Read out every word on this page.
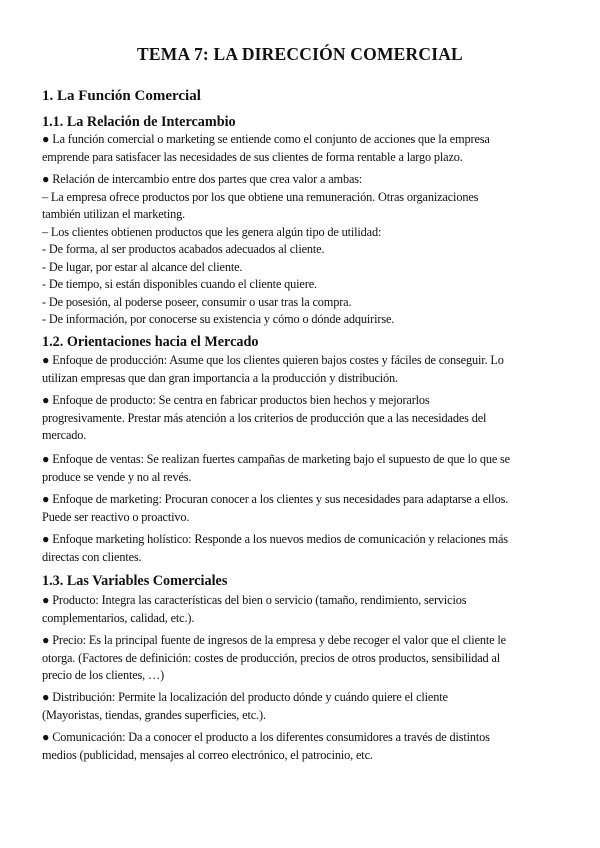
TEMA 7: LA DIRECCIÓN COMERCIAL
1. La Función Comercial
1.1. La Relación de Intercambio
● La función comercial o marketing se entiende como el conjunto de acciones que la empresa
emprende para satisfacer las necesidades de sus clientes de forma rentable a largo plazo.
● Relación de intercambio entre dos partes que crea valor a ambas:
– La empresa ofrece productos por los que obtiene una remuneración. Otras organizaciones
también utilizan el marketing.
– Los clientes obtienen productos que les genera algún tipo de utilidad:
- De forma, al ser productos acabados adecuados al cliente.
- De lugar, por estar al alcance del cliente.
- De tiempo, si están disponibles cuando el cliente quiere.
- De posesión, al poderse poseer, consumir o usar tras la compra.
- De información, por conocerse su existencia y cómo o dónde adquirirse.
1.2. Orientaciones hacia el Mercado
● Enfoque de producción: Asume que los clientes quieren bajos costes y fáciles de conseguir. Lo
utilizan empresas que dan gran importancia a la producción y distribución.
● Enfoque de producto: Se centra en fabricar productos bien hechos y mejorarlos
progresivamente. Prestar más atención a los criterios de producción que a las necesidades del
mercado.
● Enfoque de ventas: Se realizan fuertes campañas de marketing bajo el supuesto de que lo que se
produce se vende y no al revés.
● Enfoque de marketing: Procuran conocer a los clientes y sus necesidades para adaptarse a ellos.
Puede ser reactivo o proactivo.
● Enfoque marketing holístico: Responde a los nuevos medios de comunicación y relaciones más
directas con clientes.
1.3. Las Variables Comerciales
● Producto: Integra las características del bien o servicio (tamaño, rendimiento, servicios
complementarios, calidad, etc.).
● Precio: Es la principal fuente de ingresos de la empresa y debe recoger el valor que el cliente le
otorga. (Factores de definición: costes de producción, precios de otros productos, sensibilidad al
precio de los clientes, …)
● Distribución: Permite la localización del producto dónde y cuándo quiere el cliente
(Mayoristas, tiendas, grandes superficies, etc.).
● Comunicación: Da a conocer el producto a los diferentes consumidores a través de distintos
medios (publicidad, mensajes al correo electrónico, el patrocinio, etc.
